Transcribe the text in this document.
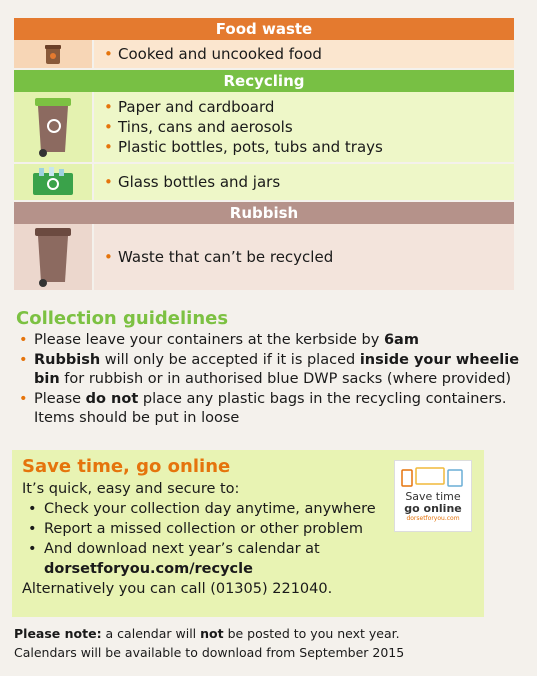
Food waste
• Cooked and uncooked food
Recycling
• Paper and cardboard
• Tins, cans and aerosols
• Plastic bottles, pots, tubs and trays
• Glass bottles and jars
Rubbish
• Waste that can’t be recycled
Collection guidelines
• Please leave your containers at the kerbside by 6am
• Rubbish will only be accepted if it is placed inside your wheelie bin for rubbish or in authorised blue DWP sacks (where provided)
• Please do not place any plastic bags in the recycling containers. Items should be put in loose
Save time, go online
It’s quick, easy and secure to:
• Check your collection day anytime, anywhere
• Report a missed collection or other problem
• And download next year’s calendar at
dorsetforyou.com/recycle
Alternatively you can call (01305) 221040.
Save time
go online
dorsetforyou.com
Please note: a calendar will not be posted to you next year.
Calendars will be available to download from September 2015
